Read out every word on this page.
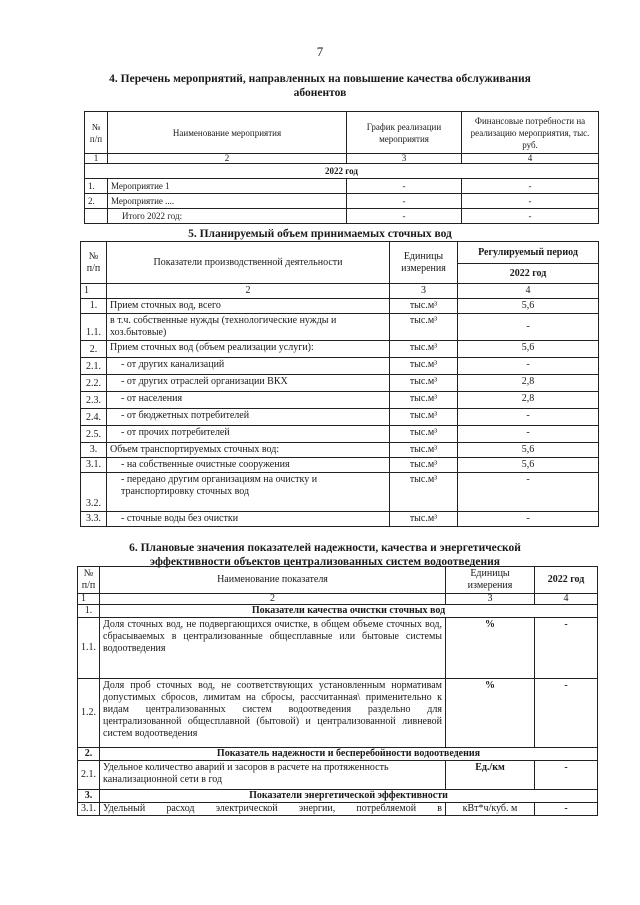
7
4. Перечень мероприятий, направленных на повышение качества обслуживания
абонентов
№ п/п	Наименование мероприятия	График реализации мероприятия	Финансовые потребности на реализацию мероприятия, тыс. руб.
1	2	3	4
2022 год			
1.	Мероприятие 1	-	-
2.	Мероприятие ....	-	-
	Итого 2022 год:	-	-
5. Планируемый объем принимаемых сточных вод
№ п/п	Показатели производственной деятельности	Единицы измерения	Регулируемый период
			2022 год
1	2	3	4
1.	Прием сточных вод, всего	тыс.м³	5,6
1.1.	в т.ч. собственные нужды (технологические нужды и хоз.бытовые)	тыс.м³	-
2.	Прием сточных вод (объем реализации услуги):	тыс.м³	5,6
2.1.	- от других канализаций	тыс.м³	-
2.2.	- от других отраслей организации ВКХ	тыс.м³	2,8
2.3.	- от населения	тыс.м³	2,8
2.4.	- от бюджетных потребителей	тыс.м³	-
2.5.	- от прочих потребителей	тыс.м³	-
3.	Объем транспортируемых сточных вод:	тыс.м³	5,6
3.1.	- на собственные очистные сооружения	тыс.м³	5,6
3.2.	- передано другим организациям на очистку и транспортировку сточных вод	тыс.м³	-
3.3.	- сточные воды без очистки	тыс.м³	-
6. Плановые значения показателей надежности, качества и энергетической
эффективности объектов централизованных систем водоотведения
№ п/п	Наименование показателя	Единицы измерения	2022 год
1	2	3	4
1.	Показатели качества очистки сточных вод		
1.1.	Доля сточных вод, не подвергающихся очистке, в общем объеме сточных вод, сбрасываемых в централизованные общесплавные или бытовые системы водоотведения	%	-
1.2.	Доля проб сточных вод, не соответствующих установленным нормативам допустимых сбросов, лимитам на сбросы, рассчитанная\ применительно к видам централизованных систем водоотведения раздельно для централизованной общесплавной (бытовой) и централизованной ливневой систем водоотведения	%	-
2.	Показатель надежности и бесперебойности водоотведения		
2.1.	Удельное количество аварий и засоров в расчете на протяженность канализационной сети в год	Ед./км	-
3.	Показатели энергетической эффективности		
3.1.	Удельный расход электрической энергии, потребляемой в	кВт*ч/куб. м	-
